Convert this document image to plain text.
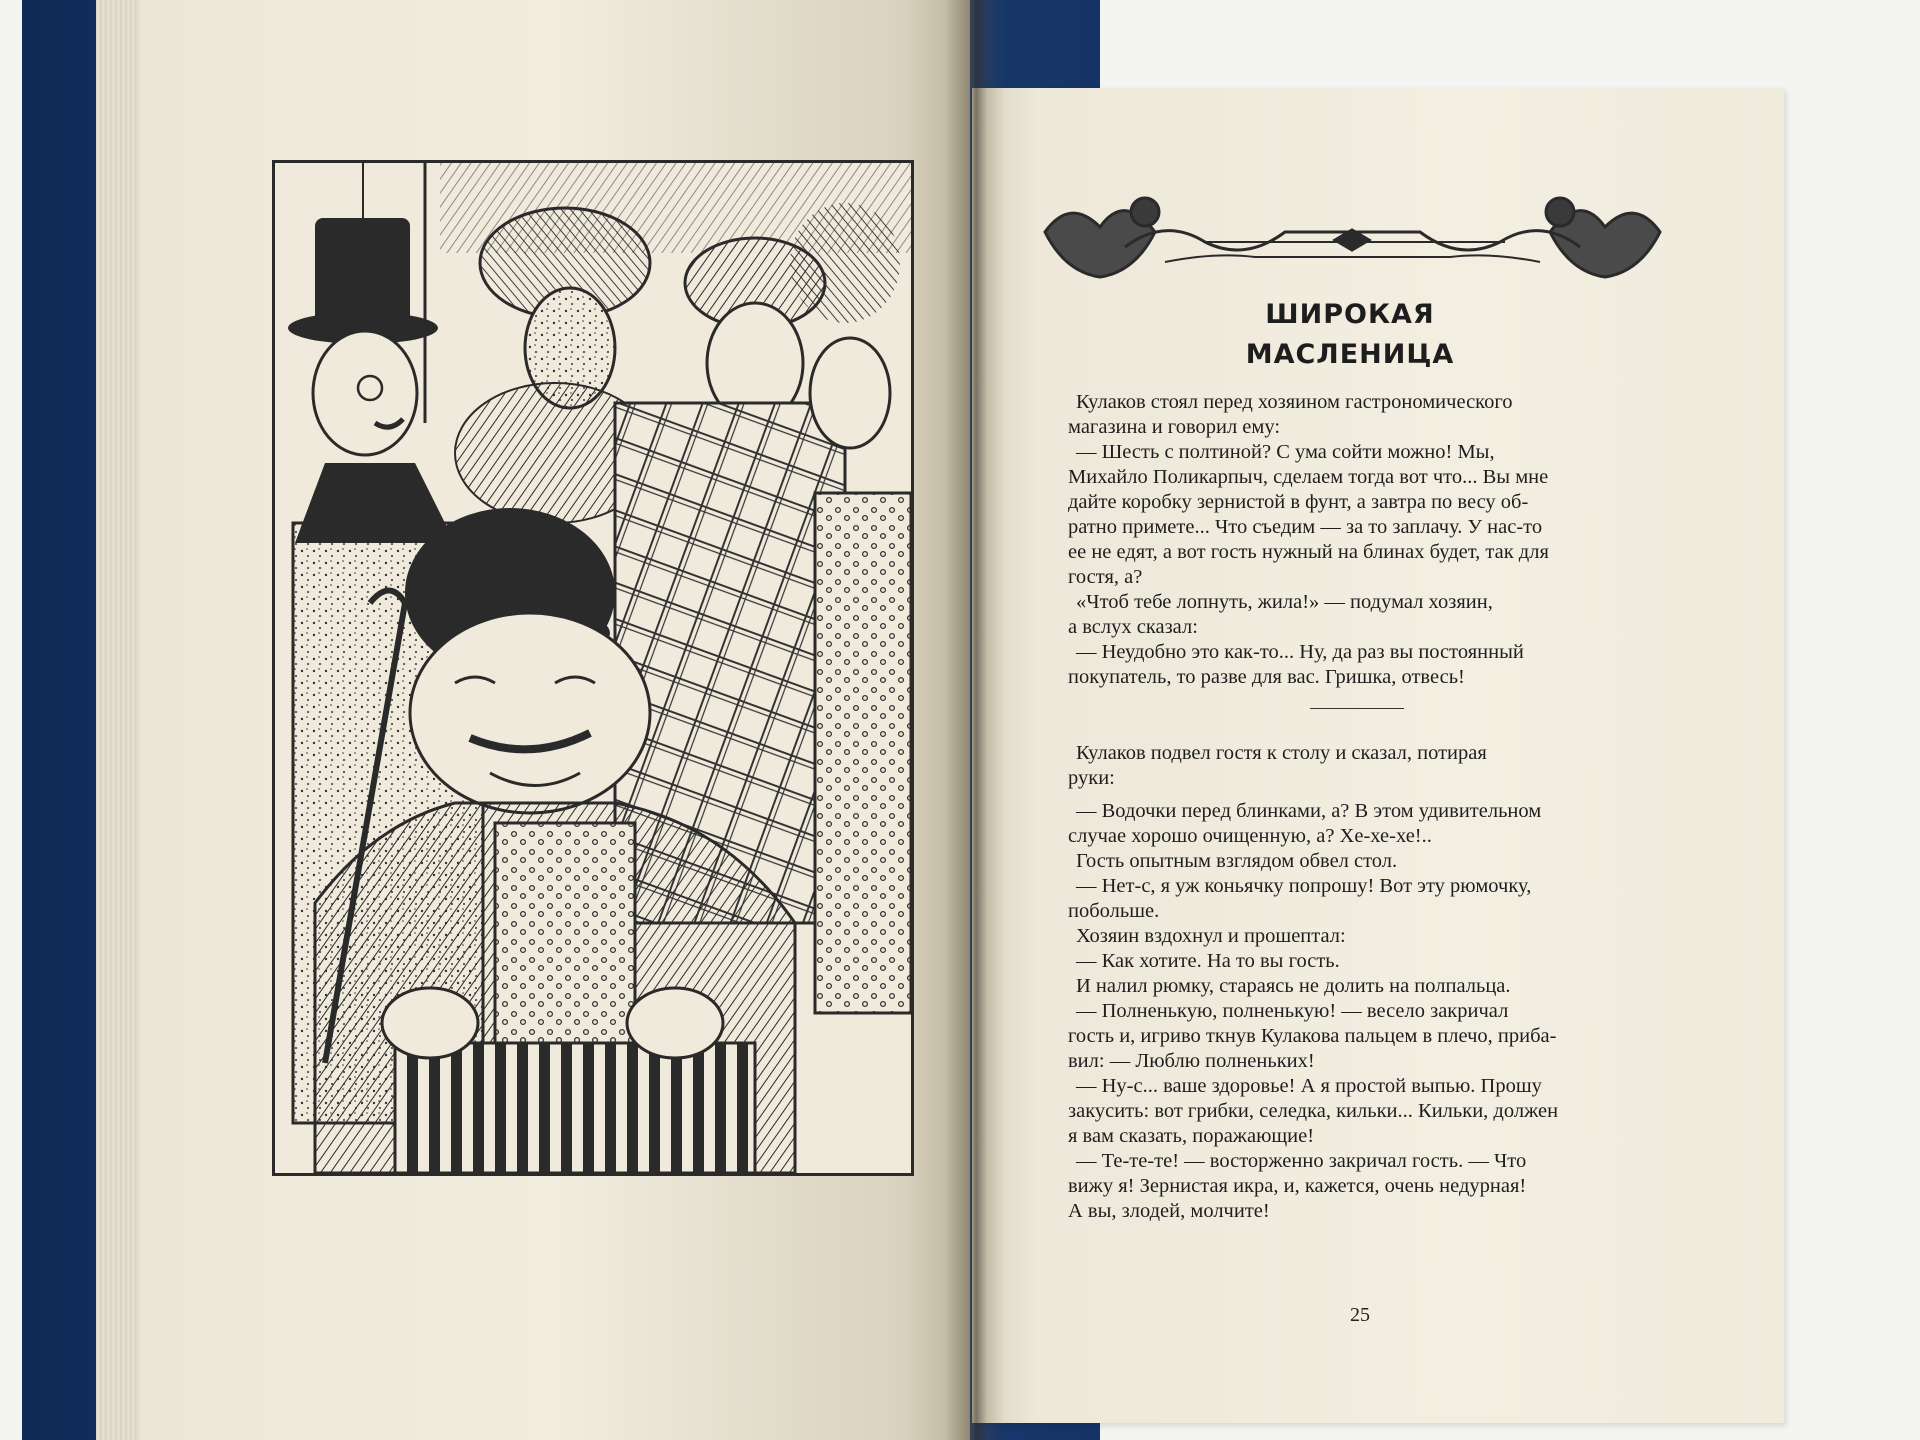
ШИРОКАЯ
МАСЛЕНИЦА

Кулаков стоял перед хозяином гастрономического

магазина и говорил ему:

— Шесть с полтиной? С ума сойти можно! Мы,

Михайло Поликарпыч, сделаем тогда вот что... Вы мне

дайте коробку зернистой в фунт, а завтра по весу об-

ратно примете... Что съедим — за то заплачу. У нас-то

ее не едят, а вот гость нужный на блинах будет, так для

гостя, а?

«Чтоб тебе лопнуть, жила!» — подумал хозяин,

а вслух сказал:

— Неудобно это как-то... Ну, да раз вы постоянный

покупатель, то разве для вас. Гришка, отвесь!

Кулаков подвел гостя к столу и сказал, потирая

руки:

— Водочки перед блинками, а? В этом удивительном

случае хорошо очищенную, а? Хе-хе-хе!..

Гость опытным взглядом обвел стол.

— Нет-с, я уж коньячку попрошу! Вот эту рюмочку,

побольше.

Хозяин вздохнул и прошептал:

— Как хотите. На то вы гость.

И налил рюмку, стараясь не долить на полпальца.

— Полненькую, полненькую! — весело закричал

гость и, игриво ткнув Кулакова пальцем в плечо, приба-

вил: — Люблю полненьких!

— Ну-с... ваше здоровье! А я простой выпью. Прошу

закусить: вот грибки, селедка, кильки... Кильки, должен

я вам сказать, поражающие!

— Те-те-те! — восторженно закричал гость. — Что

вижу я! Зернистая икра, и, кажется, очень недурная!

А вы, злодей, молчите!

25
